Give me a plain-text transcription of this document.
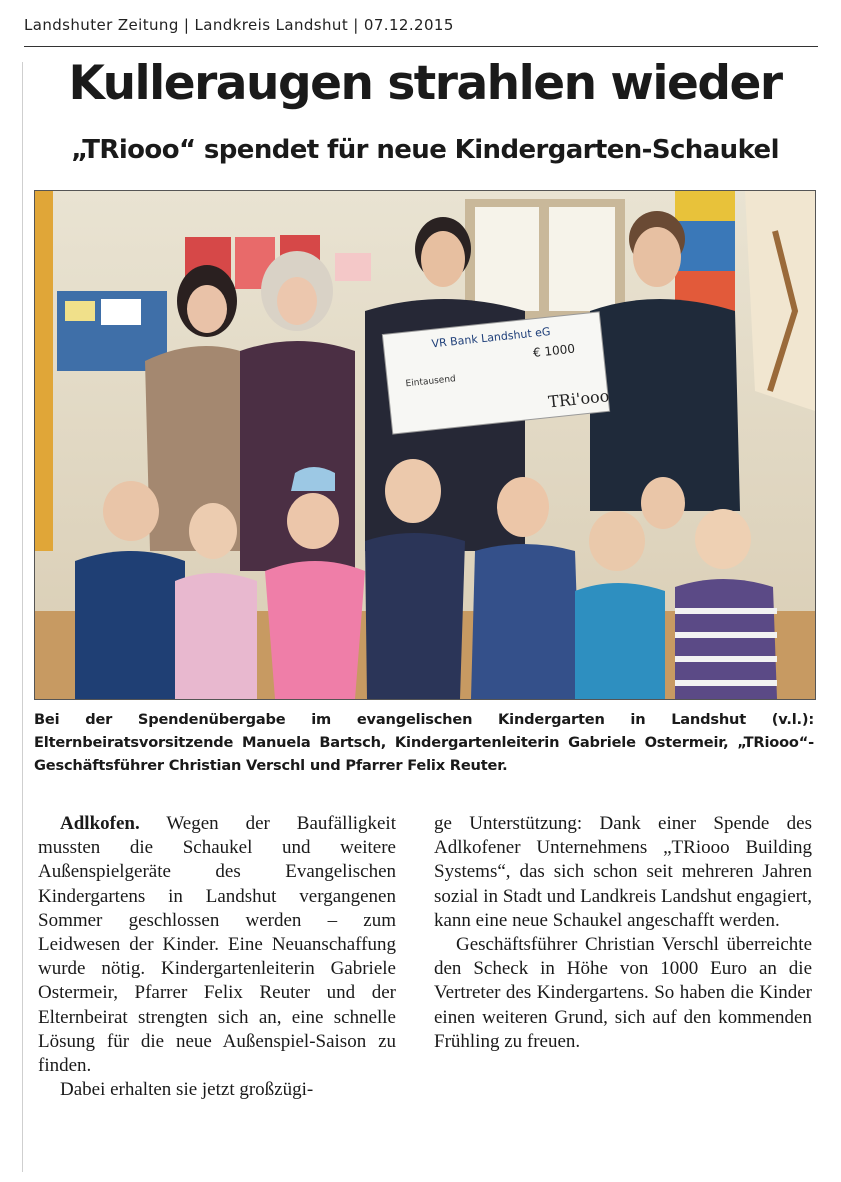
Landshuter Zeitung | Landkreis Landshut | 07.12.2015
Kulleraugen strahlen wieder
„TRiooo“ spendet für neue Kindergarten-Schaukel
VR Bank Landshut eG
Eintausend
€ 1000
TRi'ooo
Bei der Spendenübergabe im evangelischen Kindergarten in Landshut (v.l.): Elternbeiratsvorsitzende Manuela Bartsch, Kindergartenleiterin Gabriele Ostermeir, „TRiooo“-Geschäftsführer Christian Verschl und Pfarrer Felix Reuter.

Adlkofen. Wegen der Baufälligkeit mussten die Schaukel und weitere Außenspielgeräte des Evangelischen Kindergartens in Landshut vergangenen Sommer geschlossen werden – zum Leidwesen der Kinder. Eine Neuanschaffung wurde nötig. Kindergartenleiterin Gabriele Ostermeir, Pfarrer Felix Reuter und der Elternbeirat strengten sich an, eine schnelle Lösung für die neue Außenspiel-Saison zu finden.

Dabei erhalten sie jetzt großzügi-

ge Unterstützung: Dank einer Spende des Adlkofener Unternehmens „TRiooo Building Systems“, das sich schon seit mehreren Jahren sozial in Stadt und Landkreis Landshut engagiert, kann eine neue Schaukel angeschafft werden.

Geschäftsführer Christian Verschl überreichte den Scheck in Höhe von 1000 Euro an die Vertreter des Kindergartens. So haben die Kinder einen weiteren Grund, sich auf den kommenden Frühling zu freuen.
